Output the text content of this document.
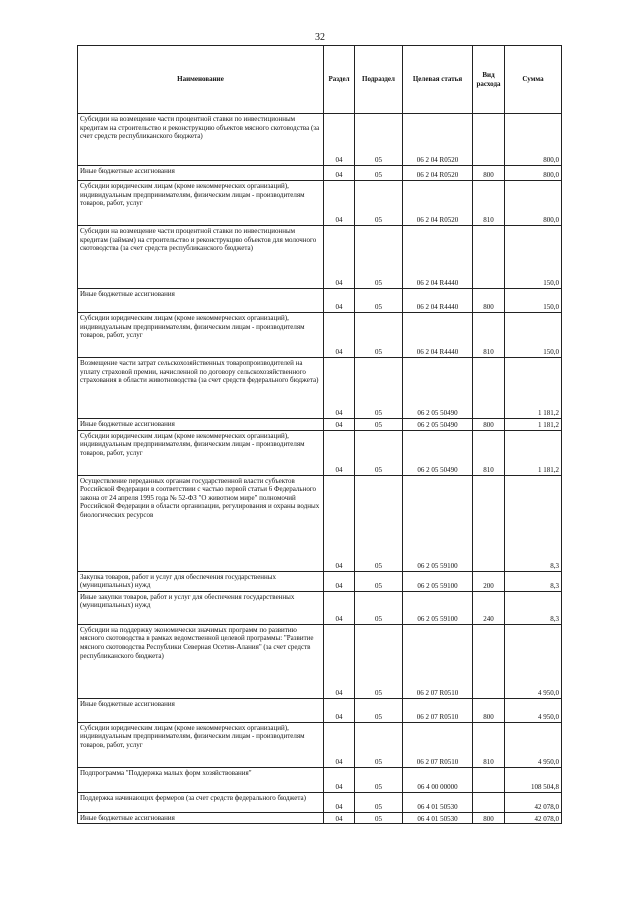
32
Наименование	Раздел	Подраздел	Целевая статья	Вид расхода	Сумма
Субсидии на возмещение части процентной ставки по инвестиционным кредитам на строительство и реконструкцию объектов мясного скотоводства (за счет средств республиканского бюджета)	04	05	06 2 04 R0520		800,0
Иные бюджетные ассигнования	04	05	06 2 04 R0520	800	800,0
Субсидии юридическим лицам (кроме некоммерческих организаций), индивидуальным предпринимателям, физическим лицам - производителям товаров, работ, услуг	04	05	06 2 04 R0520	810	800,0
Субсидии на возмещение части процентной ставки по инвестиционным кредитам (займам) на строительство и реконструкцию объектов для молочного скотоводства (за счет средств республиканского бюджета)	04	05	06 2 04 R4440		150,0
Иные бюджетные ассигнования	04	05	06 2 04 R4440	800	150,0
Субсидии юридическим лицам (кроме некоммерческих организаций), индивидуальным предпринимателям, физическим лицам - производителям товаров, работ, услуг	04	05	06 2 04 R4440	810	150,0
Возмещение части затрат сельскохозяйственных товаропроизводителей на уплату страховой премии, начисленной по договору сельскохозяйственного страхования в области животноводства (за счет средств федерального бюджета)	04	05	06 2 05 50490		1 181,2
Иные бюджетные ассигнования	04	05	06 2 05 50490	800	1 181,2
Субсидии юридическим лицам (кроме некоммерческих организаций), индивидуальным предпринимателям, физическим лицам - производителям товаров, работ, услуг	04	05	06 2 05 50490	810	1 181,2
Осуществление переданных органам государственной власти субъектов Российской Федерации в соответствии с частью первой статьи 6 Федерального закона от 24 апреля 1995 года № 52-ФЗ "О животном мире" полномочий Российской Федерации в области организации, регулирования и охраны водных биологических ресурсов	04	05	06 2 05 59100		8,3
Закупка товаров, работ и услуг для обеспечения государственных (муниципальных) нужд	04	05	06 2 05 59100	200	8,3
Иные закупки товаров, работ и услуг для обеспечения государственных (муниципальных) нужд	04	05	06 2 05 59100	240	8,3
Субсидии на поддержку экономически значимых программ по развитию мясного скотоводства в рамках ведомственной целевой программы: "Развитие мясного скотоводства Республики Северная Осетия-Алания" (за счет средств республиканского бюджета)	04	05	06 2 07 R0510		4 950,0
Иные бюджетные ассигнования	04	05	06 2 07 R0510	800	4 950,0
Субсидии юридическим лицам (кроме некоммерческих организаций), индивидуальным предпринимателям, физическим лицам - производителям товаров, работ, услуг	04	05	06 2 07 R0510	810	4 950,0
Подпрограмма "Поддержка малых форм хозяйствования"	04	05	06 4 00 00000		108 504,8
Поддержка начинающих фермеров (за счет средств федерального бюджета)	04	05	06 4 01 50530		42 078,0
Иные бюджетные ассигнования	04	05	06 4 01 50530	800	42 078,0
